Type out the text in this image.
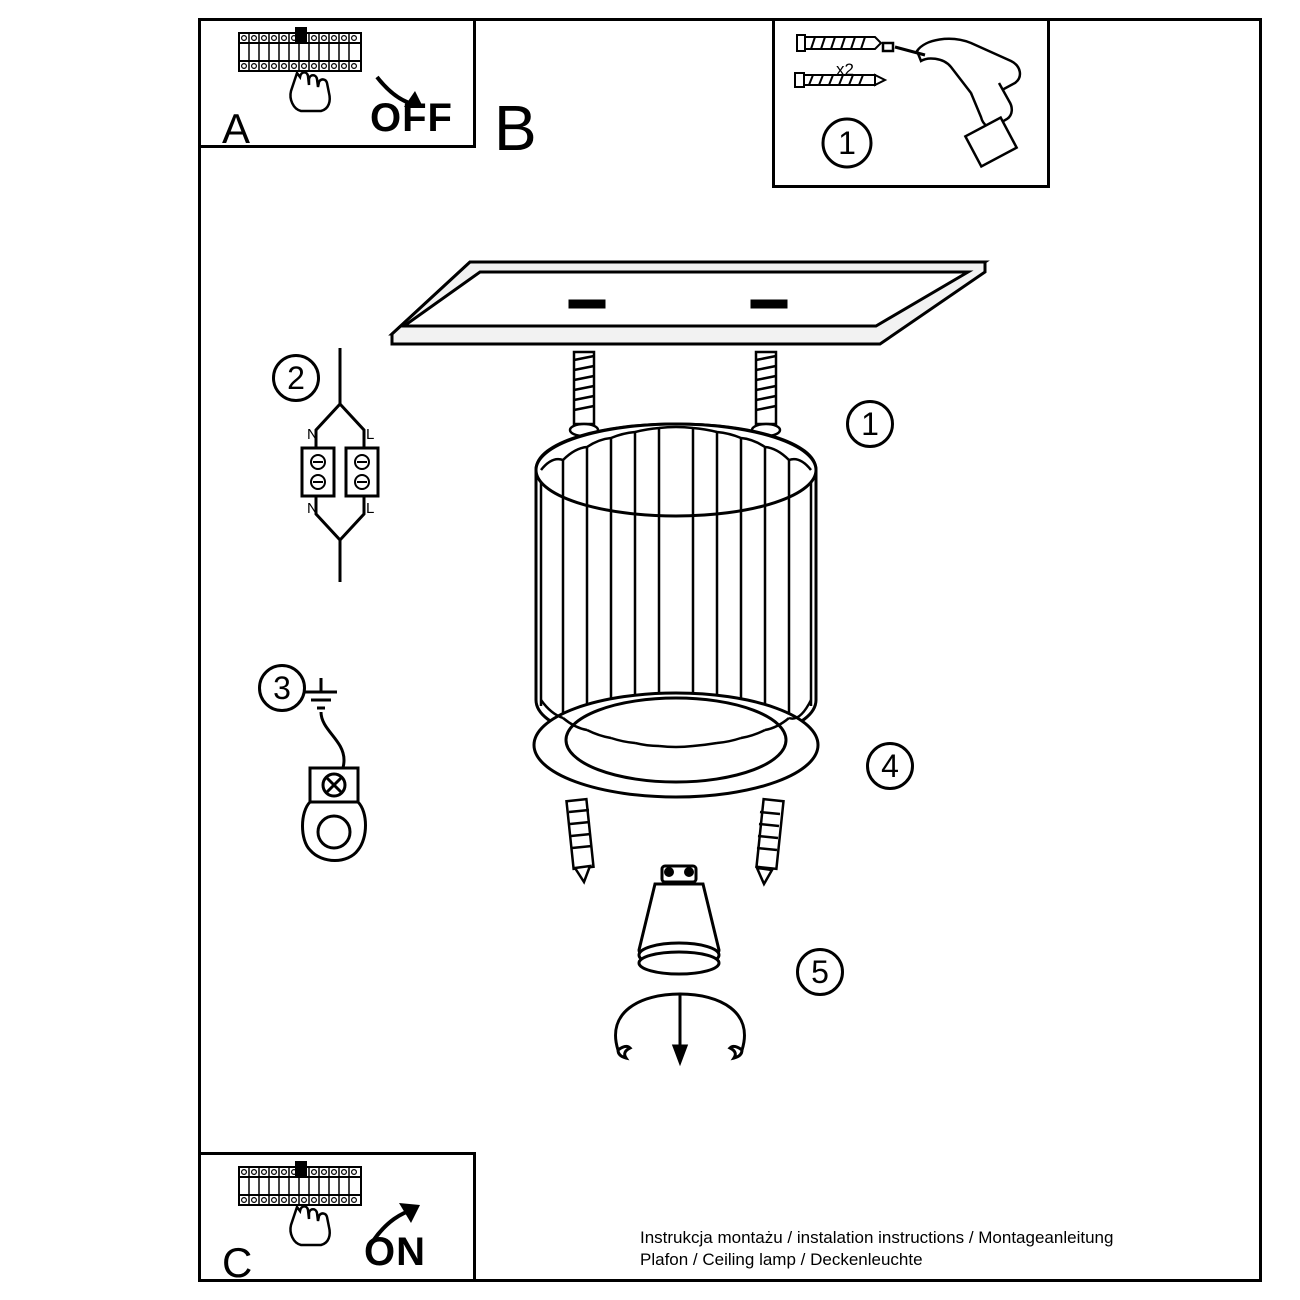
A	OFF B	1
x2
1
2
3
4
5
N	L
N	L
C	ON	Instrukcja montażu / instalation instructions / Montageanleitung
Plafon / Ceiling lamp / Deckenleuchte
